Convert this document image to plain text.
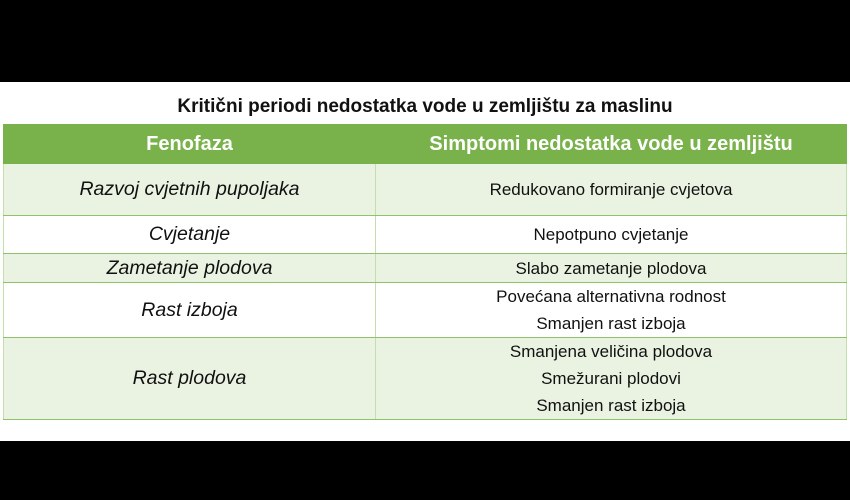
Kritični periodi nedostatka vode u zemljištu za maslinu
Fenofaza	Simptomi nedostatka vode u zemljištu
Razvoj cvjetnih pupoljaka	Redukovano formiranje cvjetova

Cvjetanje	Nepotpuno cvjetanje

Zametanje plodova	Slabo zametanje plodova

Rast izboja	Povećana alternativna rodnost
Smanjen rast izboja

Rast plodova	Smanjena veličina plodova
Smežurani plodovi
Smanjen rast izboja
